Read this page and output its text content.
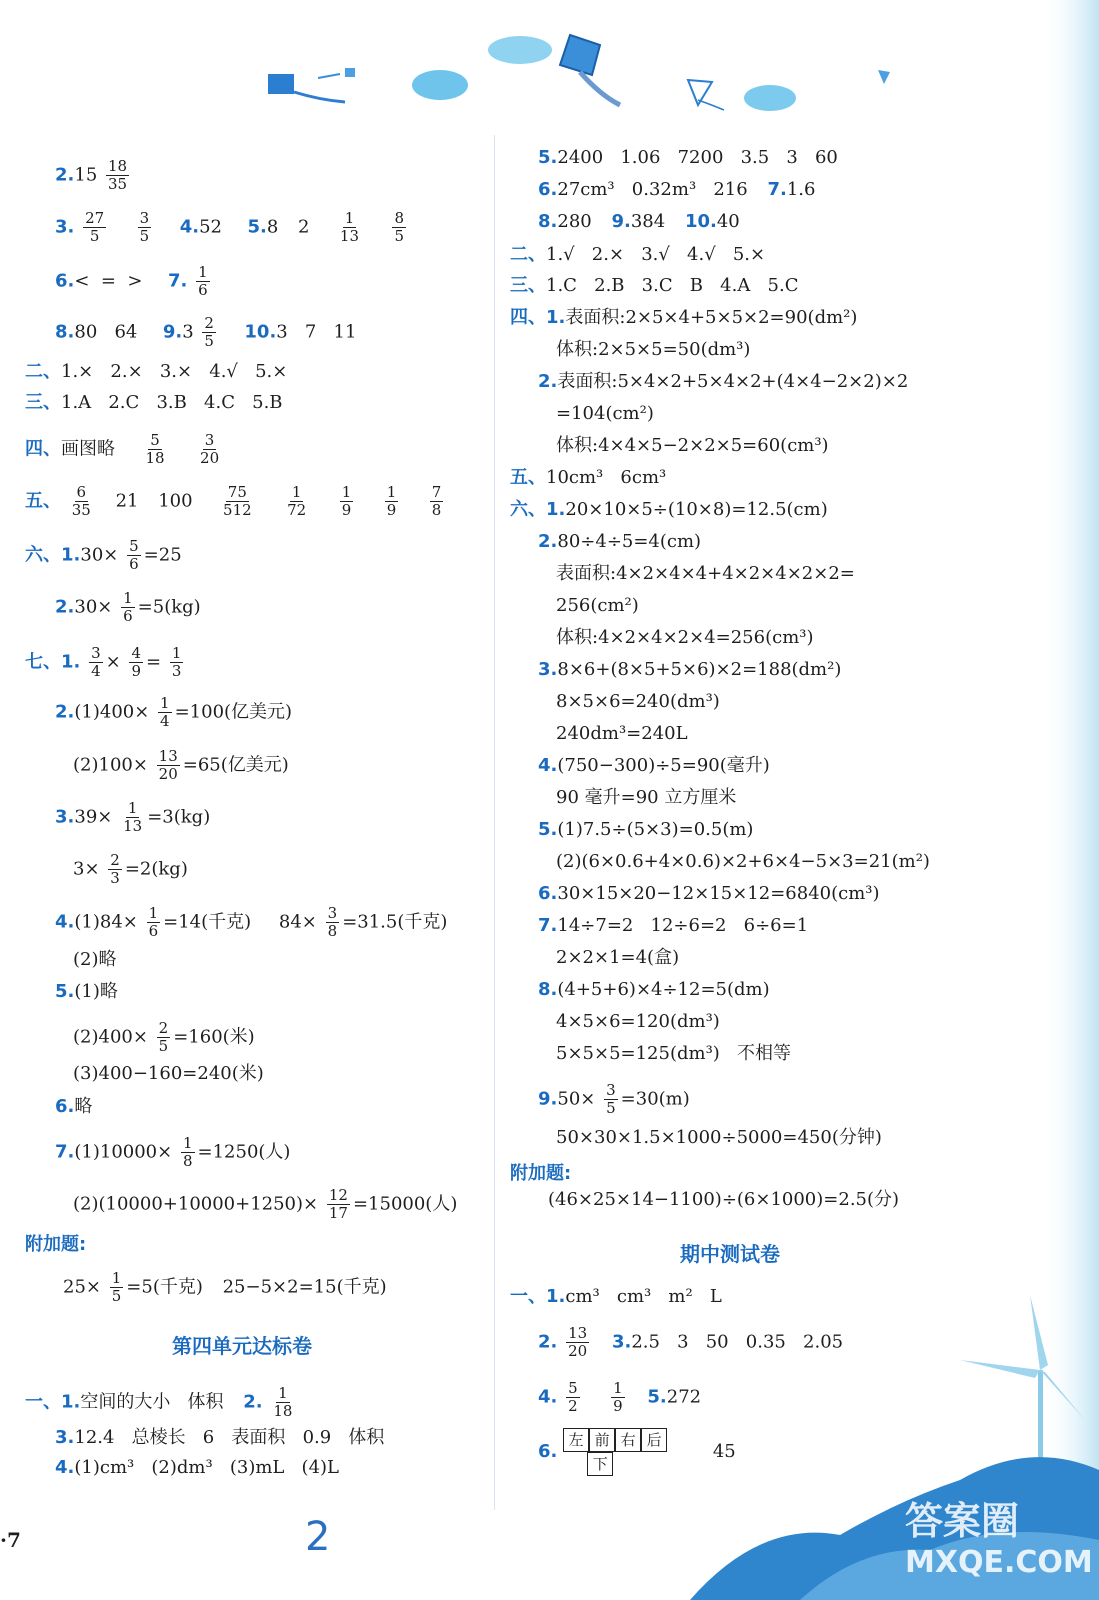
$2.15 \frac{18}{35}$
3. $\frac{27}{5}$
$\frac{3}{5} 4.52$ 5.8 $2 \frac{1}{13}$
$\frac{8}{5}$
6.<  =  > 7. $\frac{1}{6}$
8.80   64 $9.3 \frac{2}{5} 10.3$   7   11
二、1.×   2.×   3.×   4.√   5.×
三、1.A   2.C   3.B   4.C   5.B
四、画图略 $\frac{5}{18}$
$\frac{3}{20}$
五、 $\frac{6}{35} 21$ $100 \frac{75}{512}$
$\frac{1}{72}$
$\frac{1}{9}$
$\frac{1}{9}$
$\frac{7}{8}$
六、$1.30\times \frac{5}{6} =25$
$2.30\times \frac{1}{6} =5(kg)$
七、1. $\frac{3}{4} \times \frac{4}{9} = \frac{1}{3}$
$2.(1)400\times \frac{1}{4} =100$(亿美元)
$(2)100\times \frac{13}{20} =65$(亿美元)
$3.39\times \frac{1}{13} =3(kg)$
$3\times \frac{2}{3} =2(kg)$
$4.(1)84\times \frac{1}{6} =14$(千克) $84\times \frac{3}{8} =31.5$(千克)
(2)略
5.(1)略
$(2)400\times \frac{2}{5} =160$(米)
(3)400−160=240(米)
6.略
$7.(1)10000\times \frac{1}{8} =1250$(人)
$(2)(10000+10000+1250)\times \frac{12}{17} =15000$(人)
附加题:
$25\times \frac{1}{5} =5$(千克) 25−5×2=15(千克)
第四单元达标卷
一、1.空间的大小   体积 2. $\frac{1}{18}$
3.12.4   总棱长   6   表面积   0.9   体积
4.(1)cm³   (2)dm³   (3)mL   (4)L
5.2400   1.06   7200   3.5   3   60
6.27cm³   0.32m³   216 7.1.6
8.280 9.384 10.40
二、1.√   2.×   3.√   4.√   5.×
三、1.C   2.B   3.C   B   4.A   5.C
四、1.表面积:2×5×4+5×5×2=90(dm²)
体积:2×5×5=50(dm³)
2.表面积:5×4×2+5×4×2+(4×4−2×2)×2
=104(cm²)
体积:4×4×5−2×2×5=60(cm³)
五、10cm³   6cm³
六、1.20×10×5÷(10×8)=12.5(cm)
2.80÷4÷5=4(cm)
表面积:4×2×4×4+4×2×4×2×2=
256(cm²)
体积:4×2×4×2×4=256(cm³)
3.8×6+(8×5+5×6)×2=188(dm²)
8×5×6=240(dm³)
240dm³=240L
4.(750−300)÷5=90(毫升)
90 毫升=90 立方厘米
5.(1)7.5÷(5×3)=0.5(m)
(2)(6×0.6+4×0.6)×2+6×4−5×3=21(m²)
6.30×15×20−12×15×12=6840(cm³)
7.14÷7=2   12÷6=2   6÷6=1
2×2×1=4(盒)
8.(4+5+6)×4÷12=5(dm)
4×5×6=120(dm³)
5×5×5=125(dm³)   不相等
$9.50\times \frac{3}{5} =30(m)$
50×30×1.5×1000÷5000=450(分钟)
附加题:
(46×25×14−1100)÷(6×1000)=2.5(分)
期中测试卷
一、1.cm³   cm³   m²   L
2. $\frac{13}{20} 3.2.5$   3   50   0.35   2.05
4. $\frac{5}{2}$
$\frac{1}{9} 5.272$
6.
左 前 右 后
下
45
·7	2	答案圈
MXQE.COM
